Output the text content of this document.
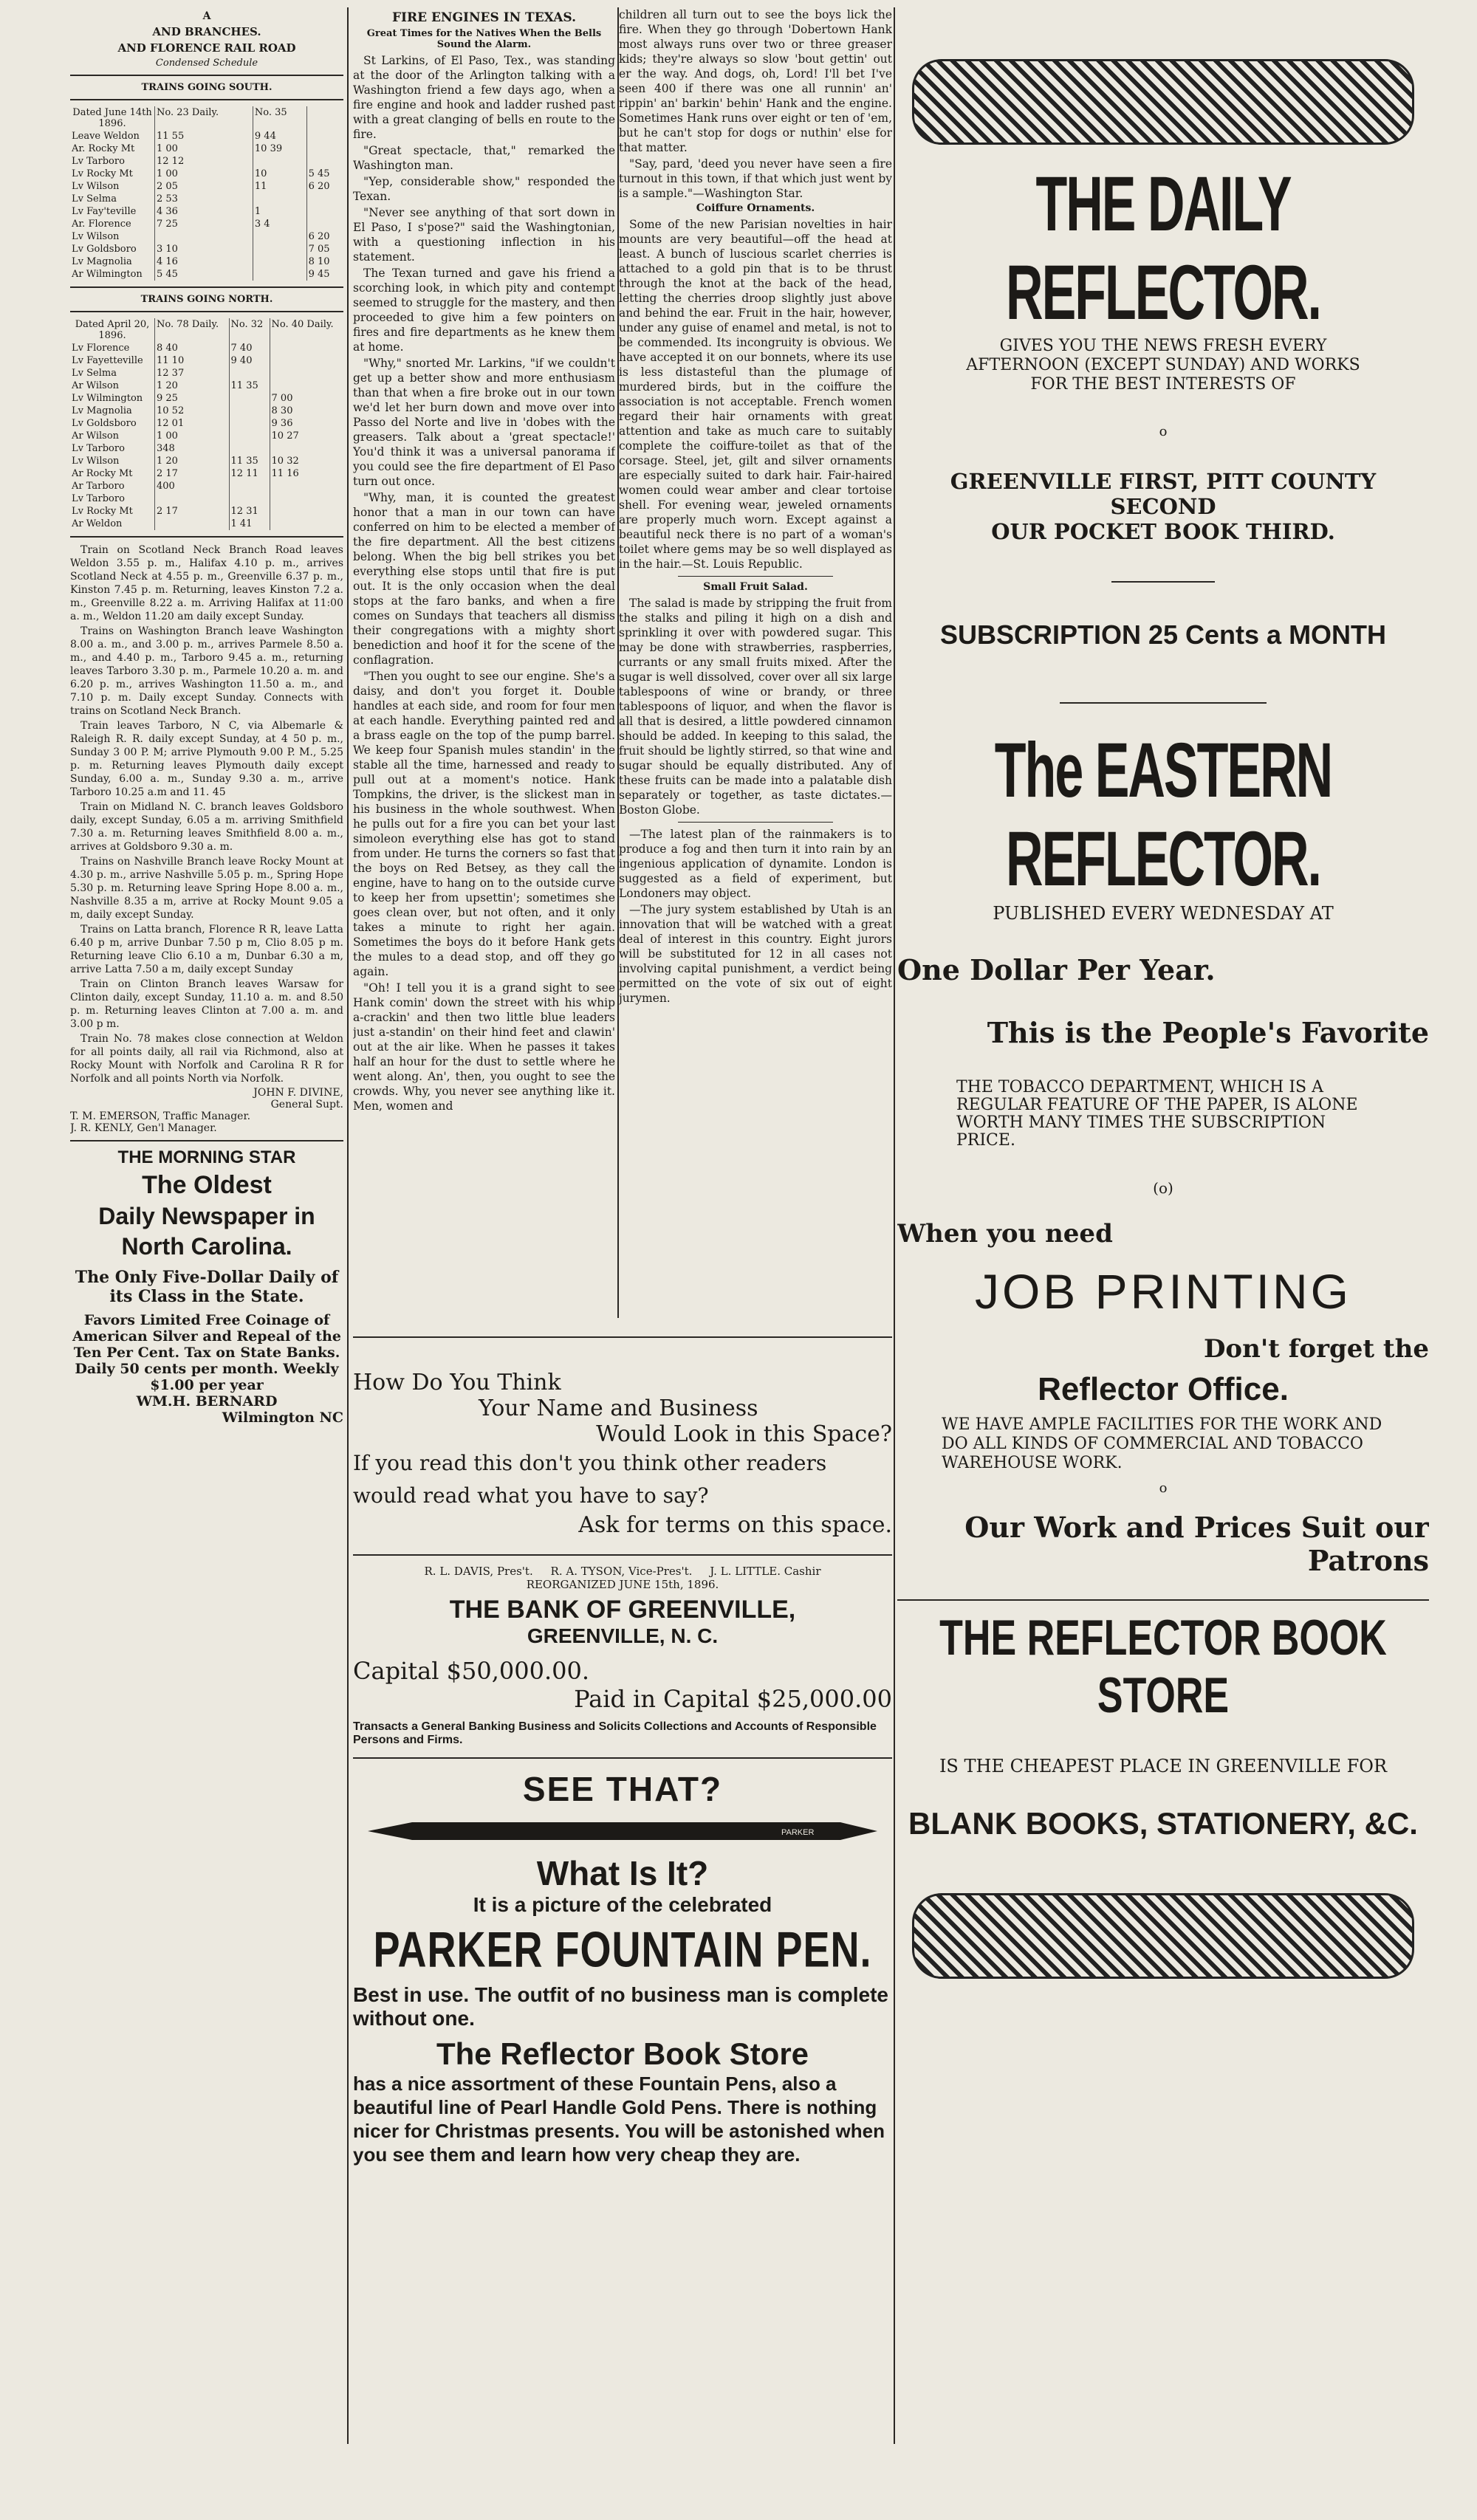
A
AND BRANCHES.
AND FLORENCE RAIL ROAD
Condensed Schedule
TRAINS GOING SOUTH.
Dated June 14th 1896.	No. 23 Daily.	No. 35	
Leave Weldon	11 55	9 44	
Ar. Rocky Mt	1 00	10 39	
Lv Tarboro	12 12		
Lv Rocky Mt	1 00	10	5 45
Lv Wilson	2 05	11	6 20
Lv Selma	2 53		
Lv Fay'teville	4 36	1	
Ar. Florence	7 25	3 4	
Lv Wilson			6 20
Lv Goldsboro	3 10		7 05
Lv Magnolia	4 16		8 10
Ar Wilmington	5 45		9 45
TRAINS GOING NORTH.
Dated April 20, 1896.	No. 78 Daily.	No. 32	No. 40 Daily.
Lv Florence	8 40	7 40	
Lv Fayetteville	11 10	9 40	
Lv Selma	12 37		
Ar Wilson	1 20	11 35	
Lv Wilmington	9 25		7 00
Lv Magnolia	10 52		8 30
Lv Goldsboro	12 01		9 36
Ar Wilson	1 00		10 27
Lv Tarboro	348		
Lv Wilson	1 20	11 35	10 32
Ar Rocky Mt	2 17	12 11	11 16
Ar Tarboro	400		
Lv Tarboro			
Lv Rocky Mt	2 17	12 31	
Ar Weldon		1 41	

Train on Scotland Neck Branch Road leaves Weldon 3.55 p. m., Halifax 4.10 p. m., arrives Scotland Neck at 4.55 p. m., Greenville 6.37 p. m., Kinston 7.45 p. m. Returning, leaves Kinston 7.2 a. m., Greenville 8.22 a. m. Arriving Halifax at 11:00 a. m., Weldon 11.20 am daily except Sunday.

Trains on Washington Branch leave Washington 8.00 a. m., and 3.00 p. m., arrives Parmele 8.50 a. m., and 4.40 p. m., Tarboro 9.45 a. m., returning leaves Tarboro 3.30 p. m., Parmele 10.20 a. m. and 6.20 p. m., arrives Washington 11.50 a. m., and 7.10 p. m. Daily except Sunday. Connects with trains on Scotland Neck Branch.

Train leaves Tarboro, N C, via Albemarle & Raleigh R. R. daily except Sunday, at 4 50 p. m., Sunday 3 00 P. M; arrive Plymouth 9.00 P. M., 5.25 p. m. Returning leaves Plymouth daily except Sunday, 6.00 a. m., Sunday 9.30 a. m., arrive Tarboro 10.25 a.m and 11. 45

Train on Midland N. C. branch leaves Goldsboro daily, except Sunday, 6.05 a m. arriving Smithfield 7.30 a. m. Returning leaves Smithfield 8.00 a. m., arrives at Goldsboro 9.30 a. m.

Trains on Nashville Branch leave Rocky Mount at 4.30 p. m., arrive Nashville 5.05 p. m., Spring Hope 5.30 p. m. Returning leave Spring Hope 8.00 a. m., Nashville 8.35 a m, arrive at Rocky Mount 9.05 a m, daily except Sunday.

Trains on Latta branch, Florence R R, leave Latta 6.40 p m, arrive Dunbar 7.50 p m, Clio 8.05 p m. Returning leave Clio 6.10 a m, Dunbar 6.30 a m, arrive Latta 7.50 a m, daily except Sunday

Train on Clinton Branch leaves Warsaw for Clinton daily, except Sunday, 11.10 a. m. and 8.50 p. m. Returning leaves Clinton at 7.00 a. m. and 3.00 p m.

Train No. 78 makes close connection at Weldon for all points daily, all rail via Richmond, also at Rocky Mount with Norfolk and Carolina R R for Norfolk and all points North via Norfolk.

JOHN F. DIVINE,
General Supt.
T. M. EMERSON, Traffic Manager.
J. R. KENLY, Gen'l Manager.
THE MORNING STAR
The Oldest
Daily Newspaper in
North Carolina.
The Only Five-Dollar Daily of its Class in the State.
Favors Limited Free Coinage of American Silver and Repeal of the Ten Per Cent. Tax on State Banks. Daily 50 cents per month. Weekly $1.00 per year
WM.H. BERNARD
Wilmington NC
FIRE ENGINES IN TEXAS.
Great Times for the Natives When the Bells Sound the Alarm.

St Larkins, of El Paso, Tex., was standing at the door of the Arlington talking with a Washington friend a few days ago, when a fire engine and hook and ladder rushed past with a great clanging of bells en route to the fire.

"Great spectacle, that," remarked the Washington man.

"Yep, considerable show," responded the Texan.

"Never see anything of that sort down in El Paso, I s'pose?" said the Washingtonian, with a questioning inflection in his statement.

The Texan turned and gave his friend a scorching look, in which pity and contempt seemed to struggle for the mastery, and then proceeded to give him a few pointers on fires and fire departments as he knew them at home.

"Why," snorted Mr. Larkins, "if we couldn't get up a better show and more enthusiasm than that when a fire broke out in our town we'd let her burn down and move over into Passo del Norte and live in 'dobes with the greasers. Talk about a 'great spectacle!' You'd think it was a universal panorama if you could see the fire department of El Paso turn out once.

"Why, man, it is counted the greatest honor that a man in our town can have conferred on him to be elected a member of the fire department. All the best citizens belong. When the big bell strikes you bet everything else stops until that fire is put out. It is the only occasion when the deal stops at the faro banks, and when a fire comes on Sundays that teachers all dismiss their congregations with a mighty short benediction and hoof it for the scene of the conflagration.

"Then you ought to see our engine. She's a daisy, and don't you forget it. Double handles at each side, and room for four men at each handle. Everything painted red and a brass eagle on the top of the pump barrel. We keep four Spanish mules standin' in the stable all the time, harnessed and ready to pull out at a moment's notice. Hank Tompkins, the driver, is the slickest man in his business in the whole southwest. When he pulls out for a fire you can bet your last simoleon everything else has got to stand from under. He turns the corners so fast that the boys on Red Betsey, as they call the engine, have to hang on to the outside curve to keep her from upsettin'; sometimes she goes clean over, but not often, and it only takes a minute to right her again. Sometimes the boys do it before Hank gets the mules to a dead stop, and off they go again.

"Oh! I tell you it is a grand sight to see Hank comin' down the street with his whip a-crackin' and then two little blue leaders just a-standin' on their hind feet and clawin' out at the air like. When he passes it takes half an hour for the dust to settle where he went along. An', then, you ought to see the crowds. Why, you never see anything like it. Men, women and

children all turn out to see the boys lick the fire. When they go through 'Dobertown Hank most always runs over two or three greaser kids; they're always so slow 'bout gettin' out er the way. And dogs, oh, Lord! I'll bet I've seen 400 if there was one all runnin' an' rippin' an' barkin' behin' Hank and the engine. Sometimes Hank runs over eight or ten of 'em, but he can't stop for dogs or nuthin' else for that matter.

"Say, pard, 'deed you never have seen a fire turnout in this town, if that which just went by is a sample."—Washington Star.

Coiffure Ornaments.

Some of the new Parisian novelties in hair mounts are very beautiful—off the head at least. A bunch of luscious scarlet cherries is attached to a gold pin that is to be thrust through the knot at the back of the head, letting the cherries droop slightly just above and behind the ear. Fruit in the hair, however, under any guise of enamel and metal, is not to be commended. Its incongruity is obvious. We have accepted it on our bonnets, where its use is less distasteful than the plumage of murdered birds, but in the coiffure the association is not acceptable. French women regard their hair ornaments with great attention and take as much care to suitably complete the coiffure-toilet as that of the corsage. Steel, jet, gilt and silver ornaments are especially suited to dark hair. Fair-haired women could wear amber and clear tortoise shell. For evening wear, jeweled ornaments are properly much worn. Except against a beautiful neck there is no part of a woman's toilet where gems may be so well displayed as in the hair.—St. Louis Republic.

Small Fruit Salad.

The salad is made by stripping the fruit from the stalks and piling it high on a dish and sprinkling it over with powdered sugar. This may be done with strawberries, raspberries, currants or any small fruits mixed. After the sugar is well dissolved, cover over all six large tablespoons of wine or brandy, or three tablespoons of liquor, and when the flavor is all that is desired, a little powdered cinnamon should be added. In keeping to this salad, the fruit should be lightly stirred, so that wine and sugar should be equally distributed. Any of these fruits can be made into a palatable dish separately or together, as taste dictates.—Boston Globe.

—The latest plan of the rainmakers is to produce a fog and then turn it into rain by an ingenious application of dynamite. London is suggested as a field of experiment, but Londoners may object.

—The jury system established by Utah is an innovation that will be watched with a great deal of interest in this country. Eight jurors will be substituted for 12 in all cases not involving capital punishment, a verdict being permitted on the vote of six out of eight jurymen.

How Do You Think
Your Name and Business
Would Look in this Space?
If you read this don't you think other readers would read what you have to say?
Ask for terms on this space.
R. L. DAVIS, Pres't.     R. A. TYSON, Vice-Pres't.     J. L. LITTLE. Cashir
REORGANIZED JUNE 15th, 1896.
THE BANK OF GREENVILLE,
GREENVILLE, N. C.
Capital $50,000.00.
Paid in Capital $25,000.00
Transacts a General Banking Business and Solicits Collections and Accounts of Responsible Persons and Firms.
SEE THAT?
PARKER
What Is It?
It is a picture of the celebrated
PARKER FOUNTAIN PEN.
Best in use. The outfit of no business man is complete without one.
The Reflector Book Store
has a nice assortment of these Fountain Pens, also a beautiful line of Pearl Handle Gold Pens. There is nothing nicer for Christmas presents. You will be astonished when you see them and learn how very cheap they are.
THE DAILY REFLECTOR.
GIVES YOU THE NEWS FRESH EVERY AFTERNOON (EXCEPT SUNDAY) AND WORKS FOR THE BEST INTERESTS OF
o
GREENVILLE FIRST, PITT COUNTY SECOND
OUR POCKET BOOK THIRD.
SUBSCRIPTION 25 Cents a MONTH
The EASTERN REFLECTOR.
PUBLISHED EVERY WEDNESDAY AT
One Dollar Per Year.
This is the People's Favorite
THE TOBACCO DEPARTMENT, WHICH IS A REGULAR FEATURE OF THE PAPER, IS ALONE WORTH MANY TIMES THE SUBSCRIPTION PRICE.
(o)
When you need
JOB PRINTING
Don't forget the
Reflector Office.
WE HAVE AMPLE FACILITIES FOR THE WORK AND DO ALL KINDS OF COMMERCIAL AND TOBACCO WAREHOUSE WORK.
o
Our Work and Prices Suit our Patrons
THE REFLECTOR BOOK STORE
IS THE CHEAPEST PLACE IN GREENVILLE FOR
BLANK BOOKS, STATIONERY, &C.
